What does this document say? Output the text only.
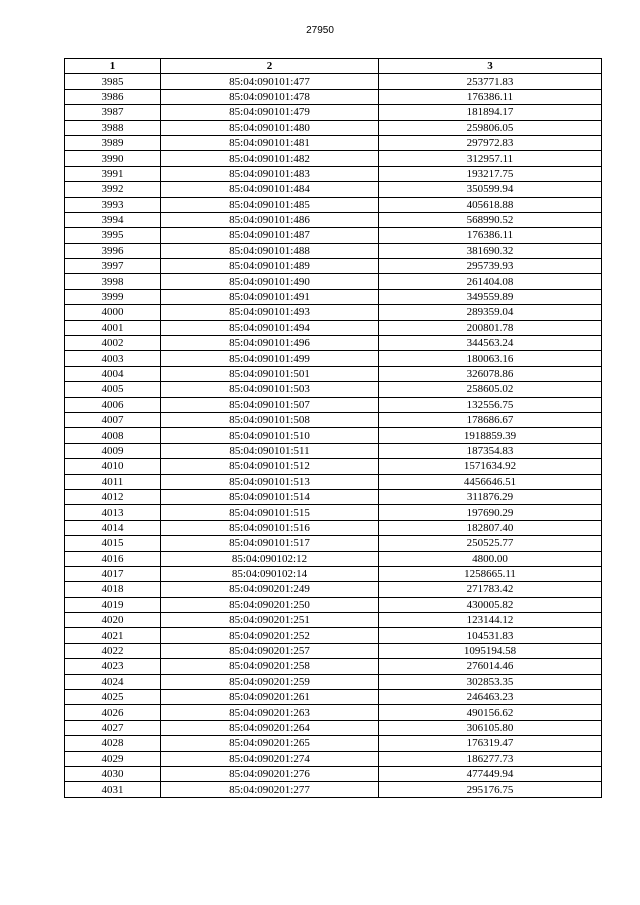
27950
1	2	3
3985	85:04:090101:477	253771.83
3986	85:04:090101:478	176386.11
3987	85:04:090101:479	181894.17
3988	85:04:090101:480	259806.05
3989	85:04:090101:481	297972.83
3990	85:04:090101:482	312957.11
3991	85:04:090101:483	193217.75
3992	85:04:090101:484	350599.94
3993	85:04:090101:485	405618.88
3994	85:04:090101:486	568990.52
3995	85:04:090101:487	176386.11
3996	85:04:090101:488	381690.32
3997	85:04:090101:489	295739.93
3998	85:04:090101:490	261404.08
3999	85:04:090101:491	349559.89
4000	85:04:090101:493	289359.04
4001	85:04:090101:494	200801.78
4002	85:04:090101:496	344563.24
4003	85:04:090101:499	180063.16
4004	85:04:090101:501	326078.86
4005	85:04:090101:503	258605.02
4006	85:04:090101:507	132556.75
4007	85:04:090101:508	178686.67
4008	85:04:090101:510	1918859.39
4009	85:04:090101:511	187354.83
4010	85:04:090101:512	1571634.92
4011	85:04:090101:513	4456646.51
4012	85:04:090101:514	311876.29
4013	85:04:090101:515	197690.29
4014	85:04:090101:516	182807.40
4015	85:04:090101:517	250525.77
4016	85:04:090102:12	4800.00
4017	85:04:090102:14	1258665.11
4018	85:04:090201:249	271783.42
4019	85:04:090201:250	430005.82
4020	85:04:090201:251	123144.12
4021	85:04:090201:252	104531.83
4022	85:04:090201:257	1095194.58
4023	85:04:090201:258	276014.46
4024	85:04:090201:259	302853.35
4025	85:04:090201:261	246463.23
4026	85:04:090201:263	490156.62
4027	85:04:090201:264	306105.80
4028	85:04:090201:265	176319.47
4029	85:04:090201:274	186277.73
4030	85:04:090201:276	477449.94
4031	85:04:090201:277	295176.75
